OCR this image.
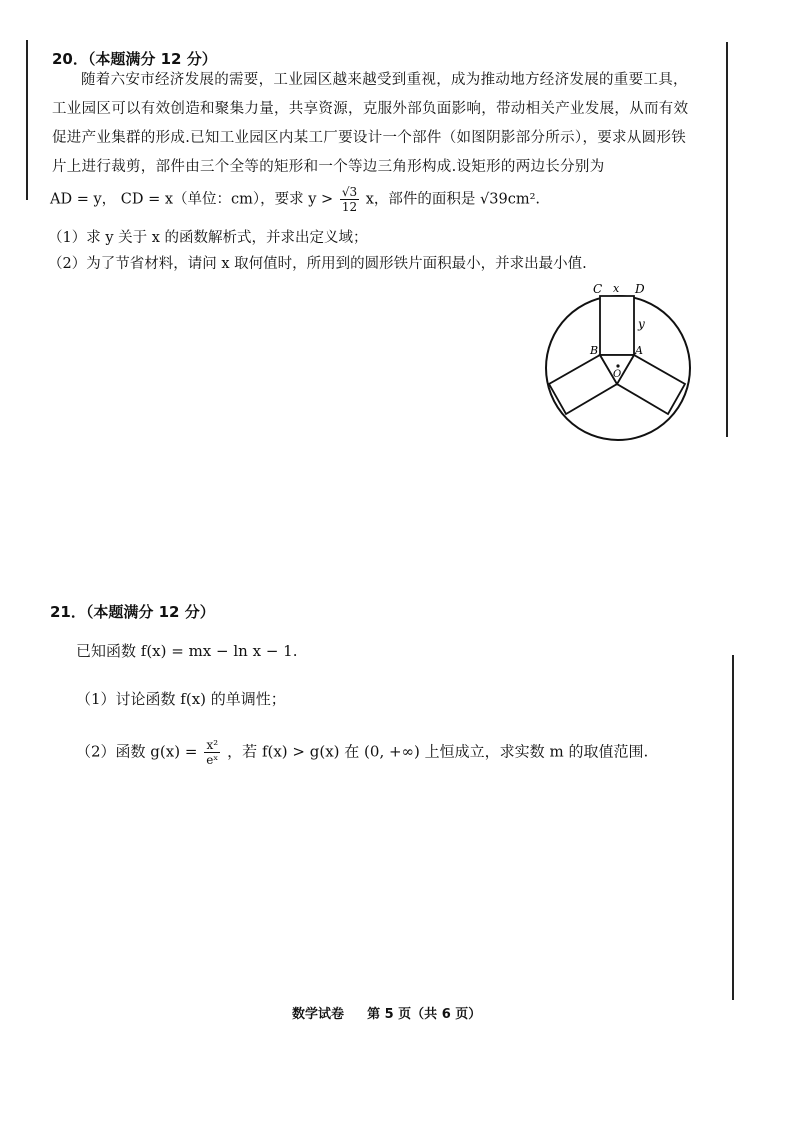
20．（本题满分 12 分）
随着六安市经济发展的需要，工业园区越来越受到重视，成为推动地方经济发展的重要工具，工业园区可以有效创造和聚集力量，共享资源，克服外部负面影响，带动相关产业发展，从而有效促进产业集群的形成.已知工业园区内某工厂要设计一个部件（如图阴影部分所示），要求从圆形铁片上进行裁剪，部件由三个全等的矩形和一个等边三角形构成.设矩形的两边长分别为
AD = y， CD = x（单位：cm），要求 $y > \frac{√3}{12}$ x，部件的面积是 √39cm².
（1）求 y 关于 x 的函数解析式，并求出定义域；
（2）为了节省材料，请问 x 取何值时，所用到的圆形铁片面积最小，并求出最小值.
C x D
y
B	A
O
21．（本题满分 12 分）
已知函数 f(x) = mx − ln x − 1.
（1）讨论函数 f(x) 的单调性；
（2）函数 $g(x) = \frac{\text{x²}}{\text{eˣ}}$ ，若 f(x) > g(x) 在 (0, +∞) 上恒成立，求实数 m 的取值范围.
数学试卷 第 5 页（共 6 页）
